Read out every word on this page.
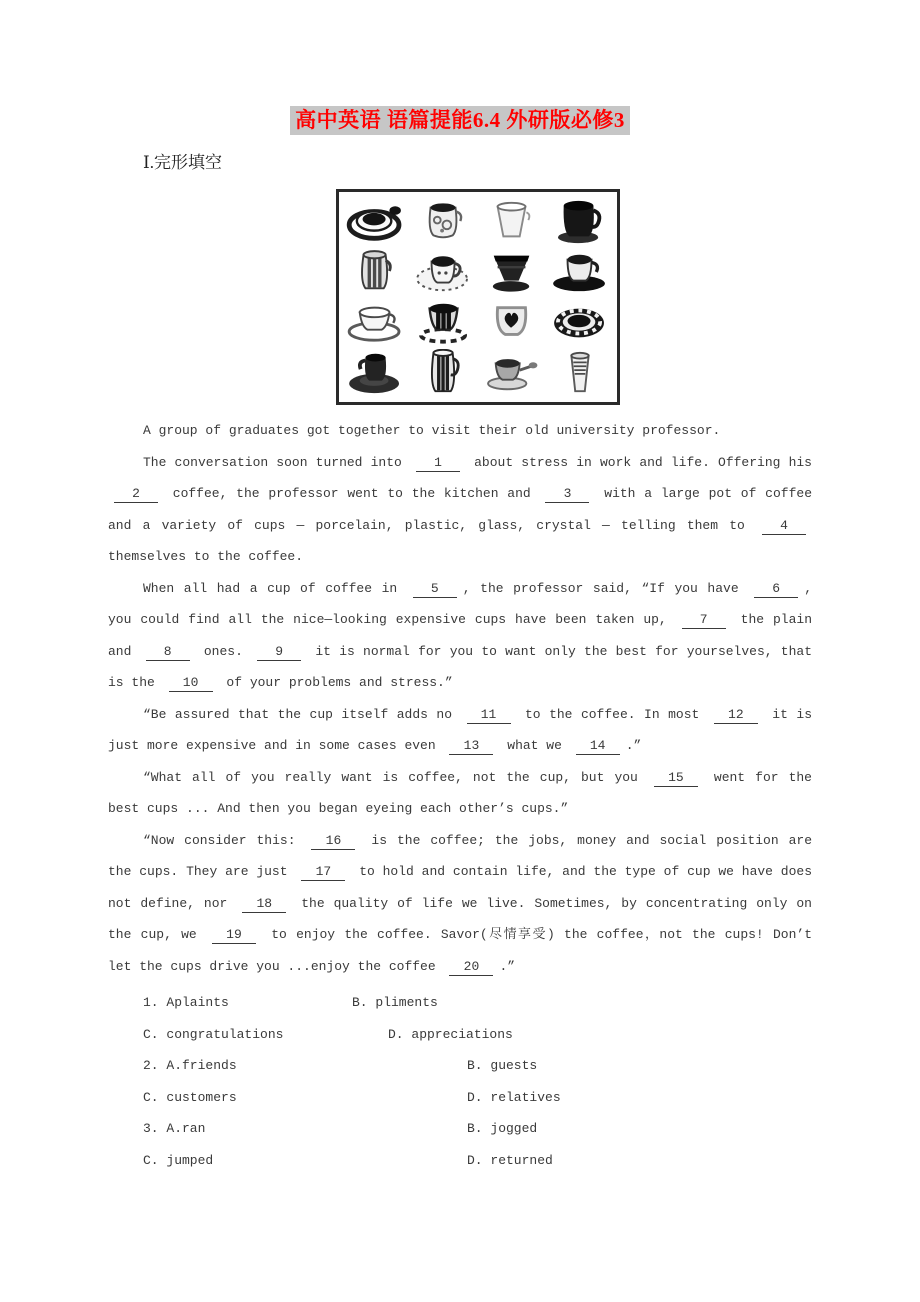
高中英语 语篇提能6.4 外研版必修3
Ⅰ.完形填空

A group of graduates got together to visit their old university professor.

The conversation soon turned into 1 about stress in work and life. Offering his 2 coffee, the professor went to the kitchen and 3 with a large pot of coffee and a variety of cups — porcelain, plastic, glass, crystal — telling them to 4 themselves to the coffee.

When all had a cup of coffee in 5 , the professor said, “If you have 6 , you could find all the nice—looking expensive cups have been taken up, 7 the plain and 8 ones. 9 it is normal for you to want only the best for yourselves, that is the 10 of your problems and stress.”

“Be assured that the cup itself adds no 11 to the coffee. In most 12 it is just more expensive and in some cases even 13 what we 14 .”

“What all of you really want is coffee, not the cup, but you 15 went for the best cups ... And then you began eyeing each other’s cups.”

“Now consider this: 16 is the coffee; the jobs, money and social position are the cups. They are just 17 to hold and contain life, and the type of cup we have does not define, nor 18 the quality of life we live. Sometimes, by concentrating only on the cup, we 19 to enjoy the coffee. Savor(尽情享受) the coffee，not the cups! Don’t let the cups drive you ...enjoy the coffee 20 .”

1. Aplaints	B. pliments
C. congratulations	D. appreciations
2. A.friends	B. guests
C. customers	D. relatives
3. A.ran	B. jogged
C. jumped	D. returned
